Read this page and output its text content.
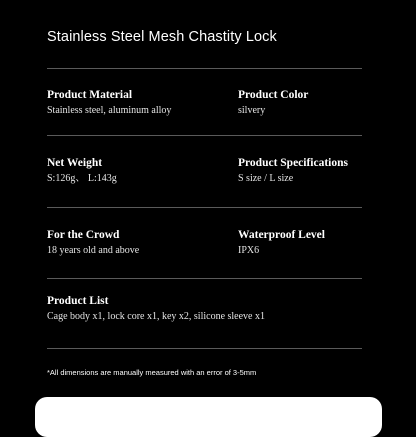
Stainless Steel Mesh Chastity Lock
Product Material
Stainless steel, aluminum alloy
Product Color
silvery
Net Weight
S:126g、 L:143g
Product Specifications
S size / L size
For the Crowd
18 years old and above
Waterproof Level
IPX6
Product List
Cage body x1, lock core x1, key x2, silicone sleeve x1
*All dimensions are manually measured with an error of 3-5mm
